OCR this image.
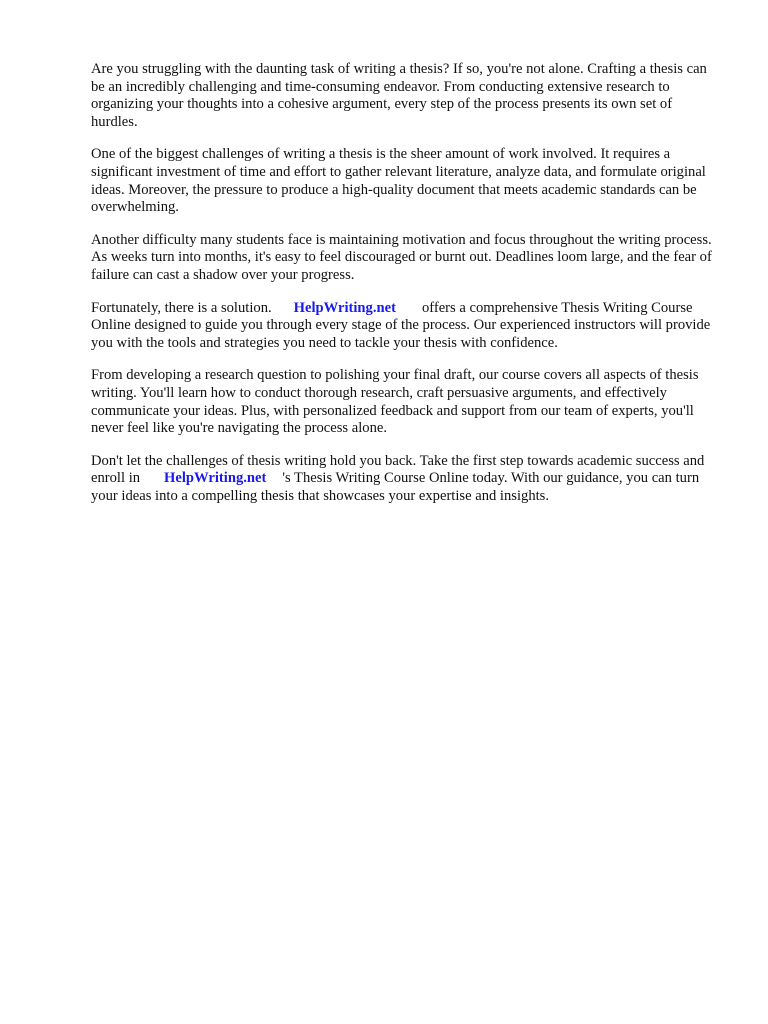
Are you struggling with the daunting task of writing a thesis? If so, you're not alone. Crafting a thesis can be an incredibly challenging and time-consuming endeavor. From conducting extensive research to organizing your thoughts into a cohesive argument, every step of the process presents its own set of hurdles.

One of the biggest challenges of writing a thesis is the sheer amount of work involved. It requires a significant investment of time and effort to gather relevant literature, analyze data, and formulate original ideas. Moreover, the pressure to produce a high-quality document that meets academic standards can be overwhelming.

Another difficulty many students face is maintaining motivation and focus throughout the writing process. As weeks turn into months, it's easy to feel discouraged or burnt out. Deadlines loom large, and the fear of failure can cast a shadow over your progress.

Fortunately, there is a solution. HelpWriting.net offers a comprehensive Thesis Writing Course Online designed to guide you through every stage of the process. Our experienced instructors will provide you with the tools and strategies you need to tackle your thesis with confidence.

From developing a research question to polishing your final draft, our course covers all aspects of thesis writing. You'll learn how to conduct thorough research, craft persuasive arguments, and effectively communicate your ideas. Plus, with personalized feedback and support from our team of experts, you'll never feel like you're navigating the process alone.

Don't let the challenges of thesis writing hold you back. Take the first step towards academic success and enroll in HelpWriting.net 's Thesis Writing Course Online today. With our guidance, you can turn your ideas into a compelling thesis that showcases your expertise and insights.
